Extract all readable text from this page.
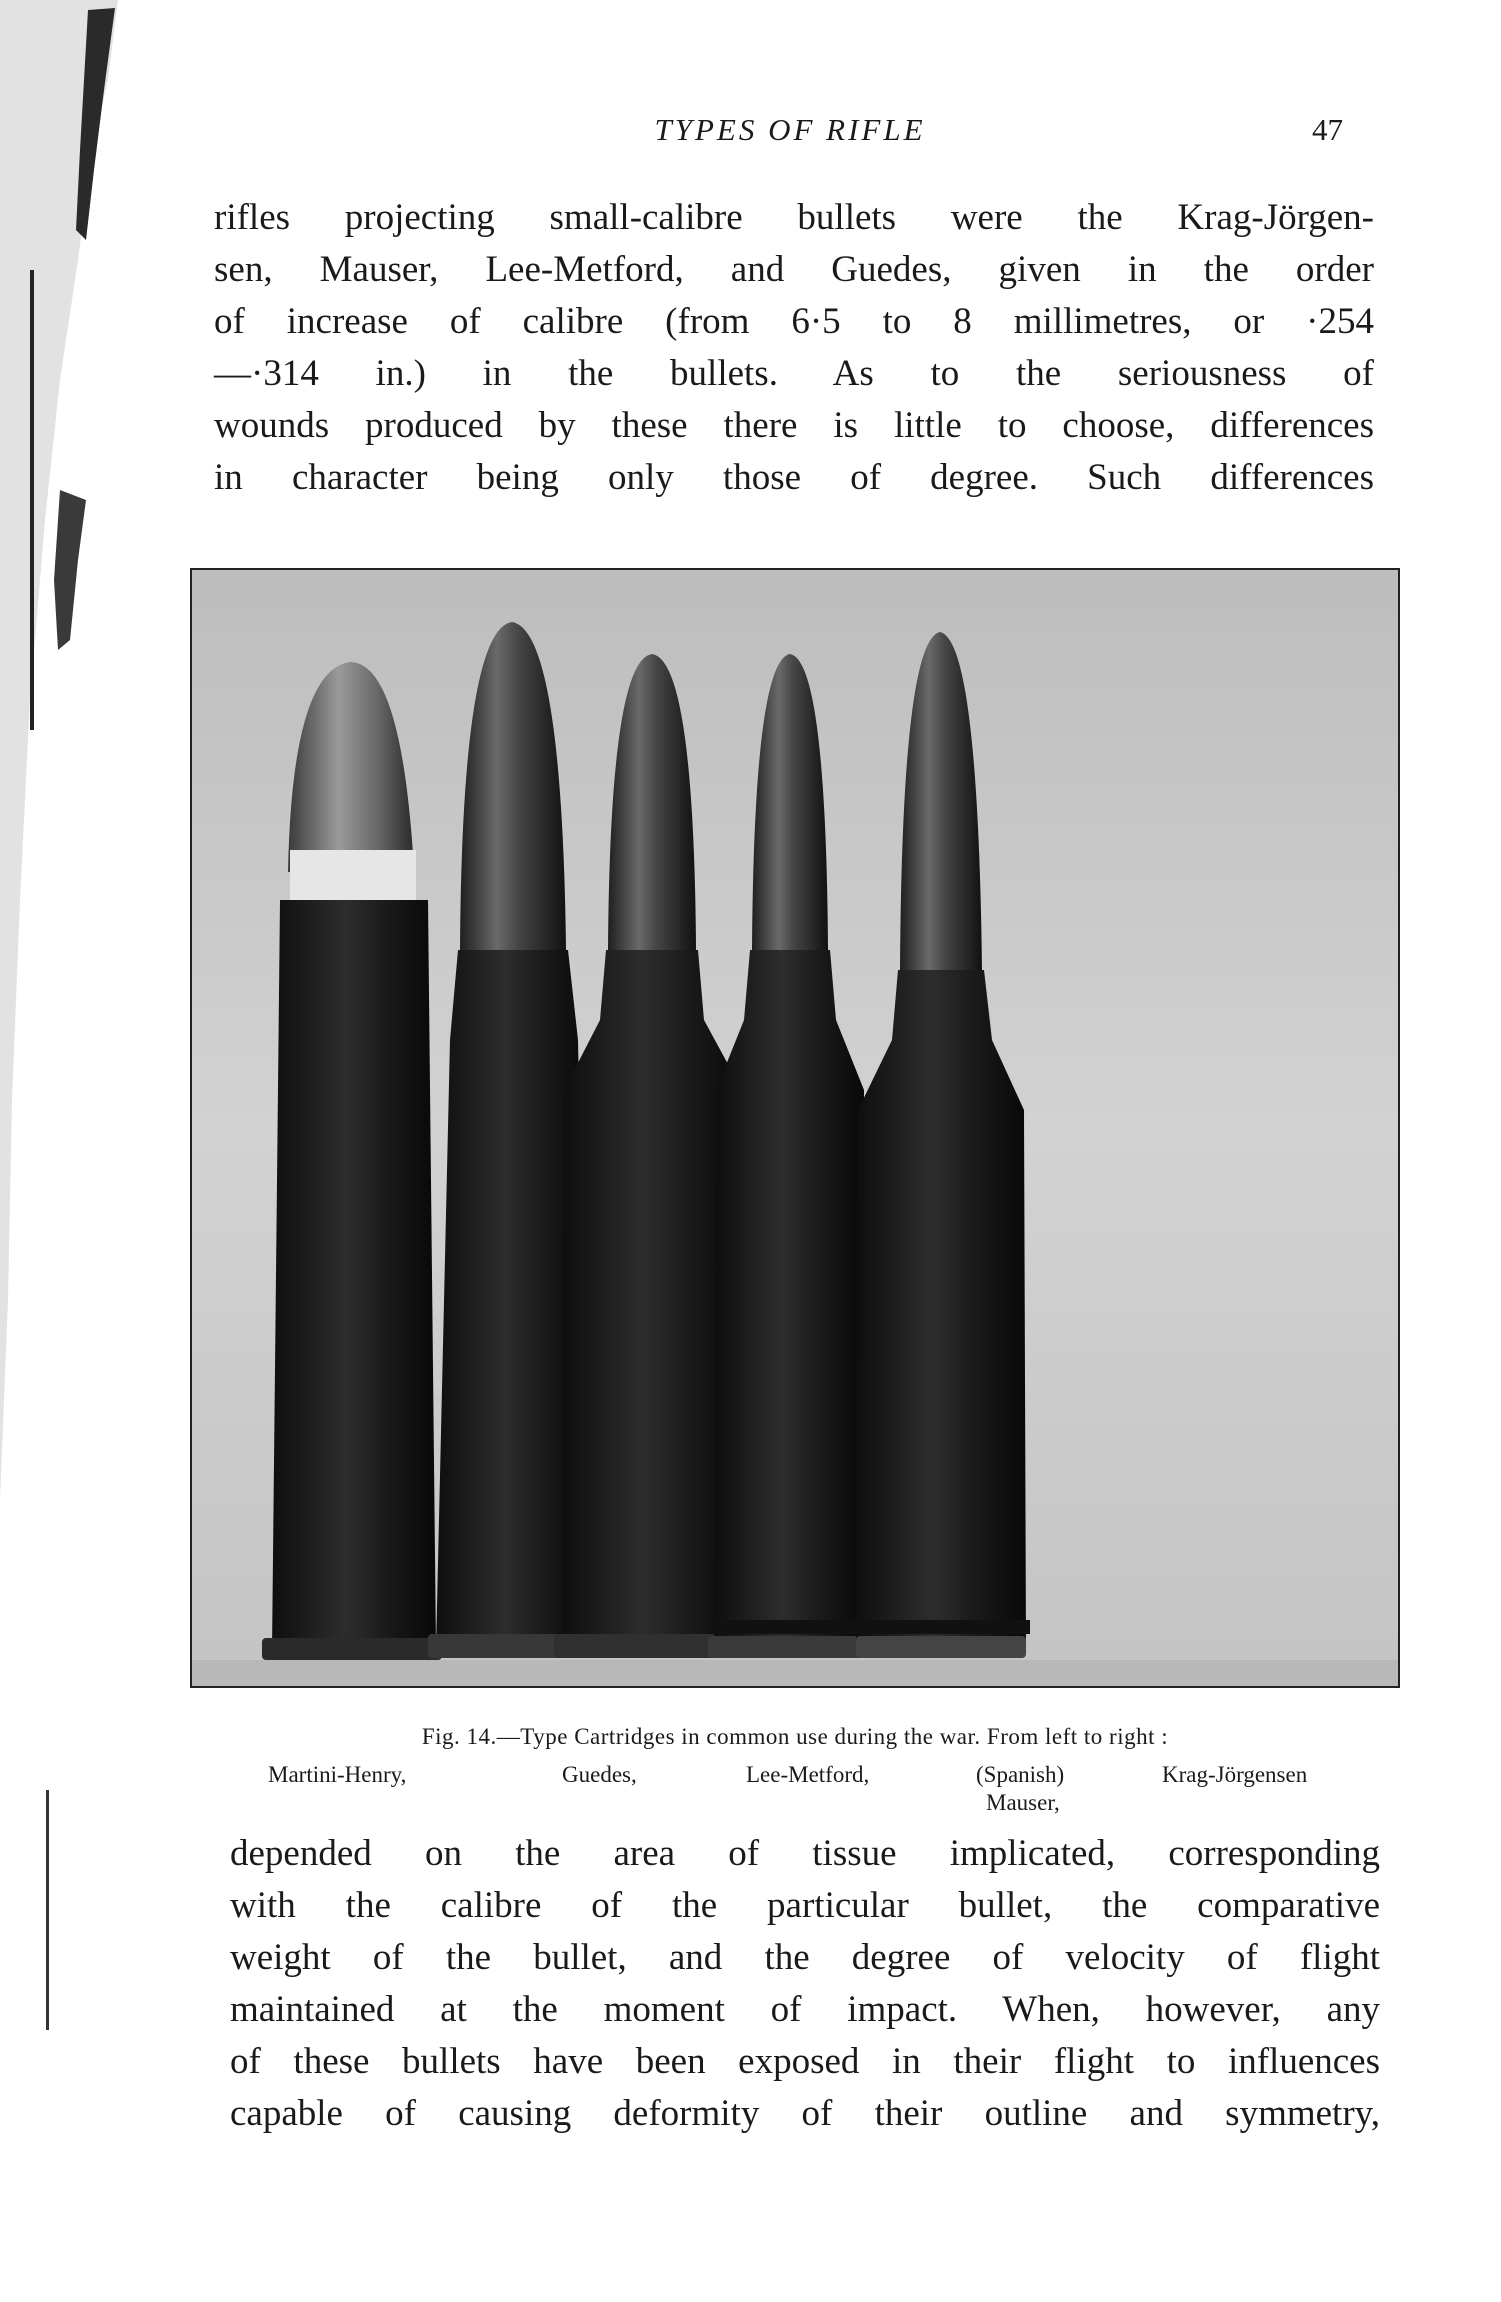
TYPES OF RIFLE	47
rifles projecting small-calibre bullets were the Krag-Jörgen-
sen, Mauser, Lee-Metford, and Guedes, given in the order
of increase of calibre (from 6·5 to 8 millimetres, or ·254
—·314 in.) in the bullets. As to the seriousness of
wounds produced by these there is little to choose, differences
in character being only those of degree. Such differences
Fig. 14.—Type Cartridges in common use during the war. From left to right :
Martini-Henry,	Guedes,	Lee-Metford,	(Spanish)	Krag-Jörgensen
Mauser,
depended on the area of tissue implicated, corresponding
with the calibre of the particular bullet, the comparative
weight of the bullet, and the degree of velocity of flight
maintained at the moment of impact. When, however, any
of these bullets have been exposed in their flight to influences
capable of causing deformity of their outline and symmetry,
